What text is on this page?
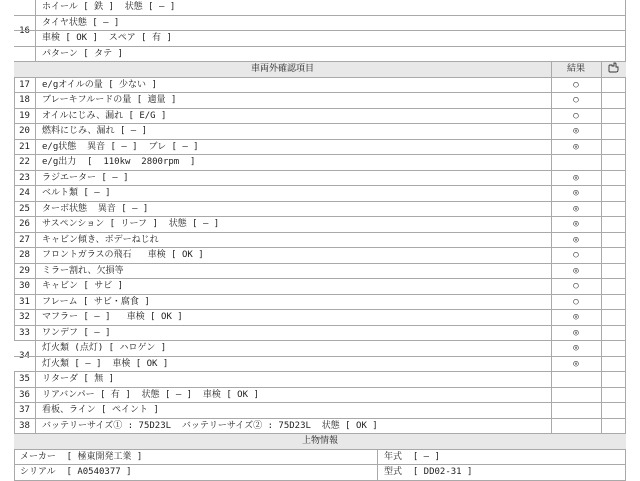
16
ホイール [ 鉄 ]  状態 [ ― ]
タイヤ状態 [ ― ]
車検 [ OK ]  スペア [ 有 ]
パターン [ タテ ]
車両外確認項目	結果
17	e/gオイルの量 [ 少ない ]	○
18	ブレーキフルードの量 [ 適量 ]	○
19	オイルにじみ、漏れ [ E/G ]	○
20	燃料にじみ、漏れ [ ― ]	◎
21	e/g状態  異音 [ ― ]  ブレ [ ― ]	◎
22	e/g出力  [  110kw  2800rpm  ]
23	ラジエーター [ ― ]	◎
24	ベルト類 [ ― ]	◎
25	ターボ状態  異音 [ ― ]	◎
26	サスペンション [ リーフ ]  状態 [ ― ]	◎
27	キャビン傾き、ボデーねじれ	◎
28	フロントガラスの飛石   車検 [ OK ]	○
29	ミラー割れ、欠損等	◎
30	キャビン [ サビ ]	○
31	フレーム [ サビ・腐食 ]	○
32	マフラー [ ― ]   車検 [ OK ]	◎
33	ワンデフ [ ― ]	◎
34
灯火類 (点灯) [ ハロゲン ]	◎
灯火類 [ ― ]  車検 [ OK ]	◎
35	リターダ [ 無 ]
36	リアバンパー [ 有 ]  状態 [ ― ]  車検 [ OK ]
37	看板、ライン [ ペイント ]
38	バッテリーサイズ① : 75D23L  バッテリーサイズ② : 75D23L  状態 [ OK ]
上物情報
メーカー  [ 極東開発工業 ]	年式  [ ― ]
シリアル  [ A0540377 ]	型式  [ DD02-31 ]
